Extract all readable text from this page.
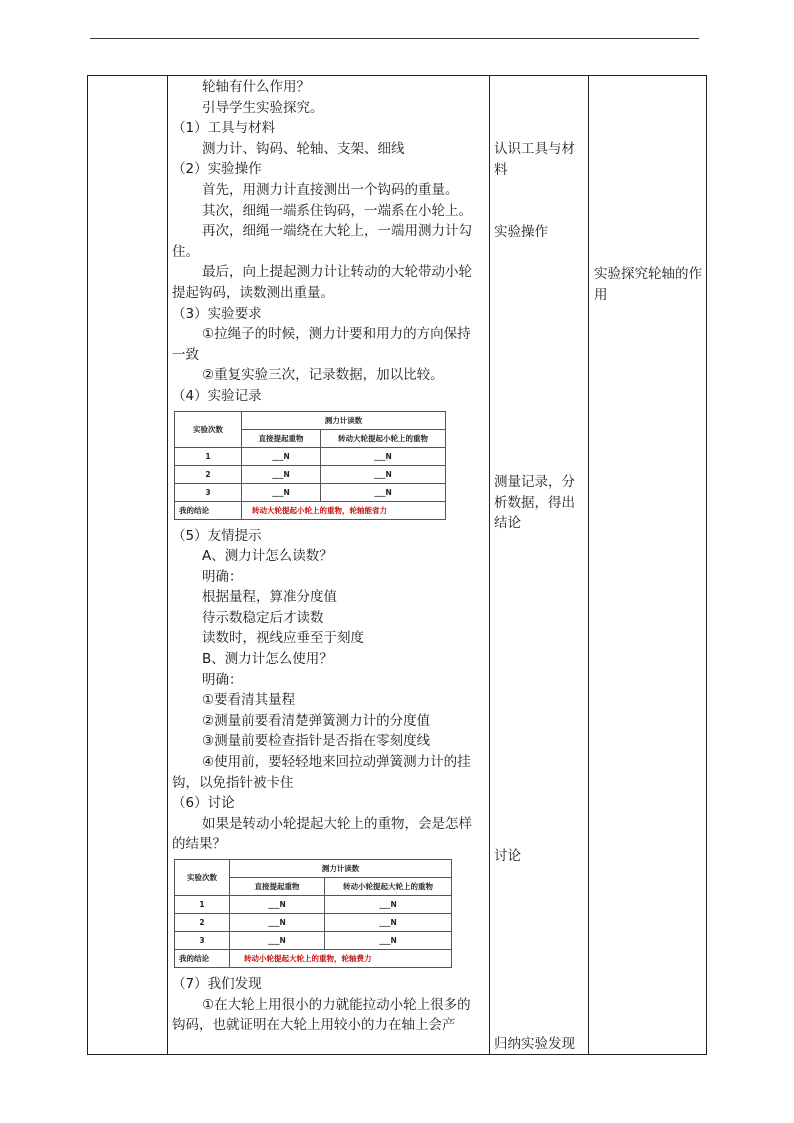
轮轴有什么作用？
引导学生实验探究。
（1）工具与材料
测力计、钩码、轮轴、支架、细线
（2）实验操作
首先，用测力计直接测出一个钩码的重量。
其次，细绳一端系住钩码，一端系在小轮上。
再次，细绳一端绕在大轮上，一端用测力计勾住。
最后，向上提起测力计让转动的大轮带动小轮提起钩码，读数测出重量。
（3）实验要求
①拉绳子的时候，测力计要和用力的方向保持一致
②重复实验三次，记录数据，加以比较。
（4）实验记录
实验次数	测力计读数	
	直接提起重物	转动大轮提起小轮上的重物
1	___N	___N
2	___N	___N
3	___N	___N
我的结论	转动大轮提起小轮上的重物，轮轴能省力	
（5）友情提示
A、测力计怎么读数？
明确：
根据量程，算准分度值
待示数稳定后才读数
读数时，视线应垂至于刻度
B、测力计怎么使用？
明确：
①要看清其量程
②测量前要看清楚弹簧测力计的分度值
③测量前要检查指针是否指在零刻度线
④使用前，要轻轻地来回拉动弹簧测力计的挂钩，以免指针被卡住
（6）讨论
如果是转动小轮提起大轮上的重物，会是怎样的结果？
实验次数	测力计读数	
	直接提起重物	转动小轮提起大轮上的重物
1	___N	___N
2	___N	___N
3	___N	___N
我的结论	转动小轮提起大轮上的重物，轮轴费力	
（7）我们发现
①在大轮上用很小的力就能拉动小轮上很多的钩码，也就证明在大轮上用较小的力在轴上会产
认识工具与材料
实验操作
测量记录，分析数据，得出结论
讨论
归纳实验发现
实验探究轮轴的作用
